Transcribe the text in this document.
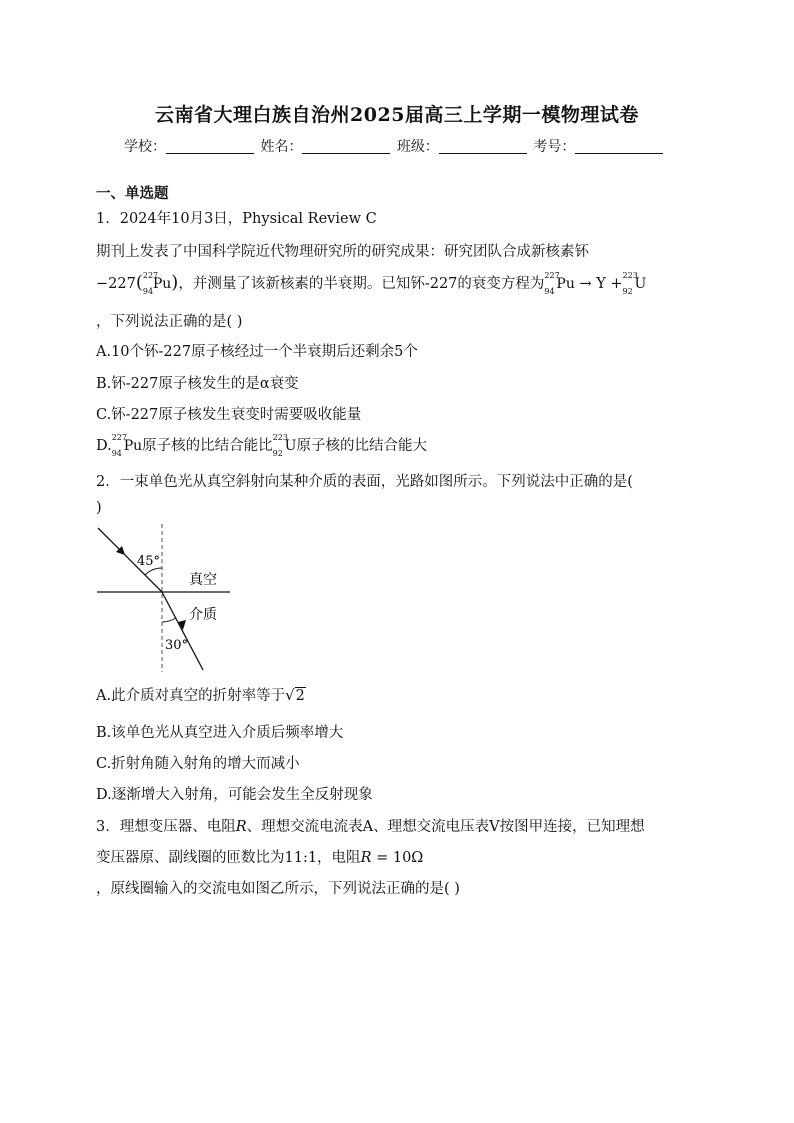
云南省大理白族自治州2025届高三上学期一模物理试卷
学校：	姓名：	班级：	考号：
一、单选题
1．2024年10月3日，Physical Review C
期刊上发表了中国科学院近代物理研究所的研究成果：研究团队合成新核素钚
−227( 227
94 Pu)，并测量了该新核素的半衰期。已知钚-227的衰变方程为
227
94 Pu → Y +
223
92 U
，下列说法正确的是( )
A.10个钚-227原子核经过一个半衰期后还剩余5个
B.钚-227原子核发生的是α衰变
C.钚-227原子核发生衰变时需要吸收能量
D.
227
94 Pu原子核的比结合能比
223
92 U原子核的比结合能大
2．一束单色光从真空斜射向某种介质的表面，光路如图所示。下列说法中正确的是(
)
45°
30°
真空
介质
A.此介质对真空的折射率等于√2
B.该单色光从真空进入介质后频率增大
C.折射角随入射角的增大而减小
D.逐渐增大入射角，可能会发生全反射现象
3．理想变压器、电阻R、理想交流电流表A、理想交流电压表V按图甲连接，已知理想
变压器原、副线圈的匝数比为11:1，电阻R = 10Ω
，原线圈输入的交流电如图乙所示，下列说法正确的是( )
